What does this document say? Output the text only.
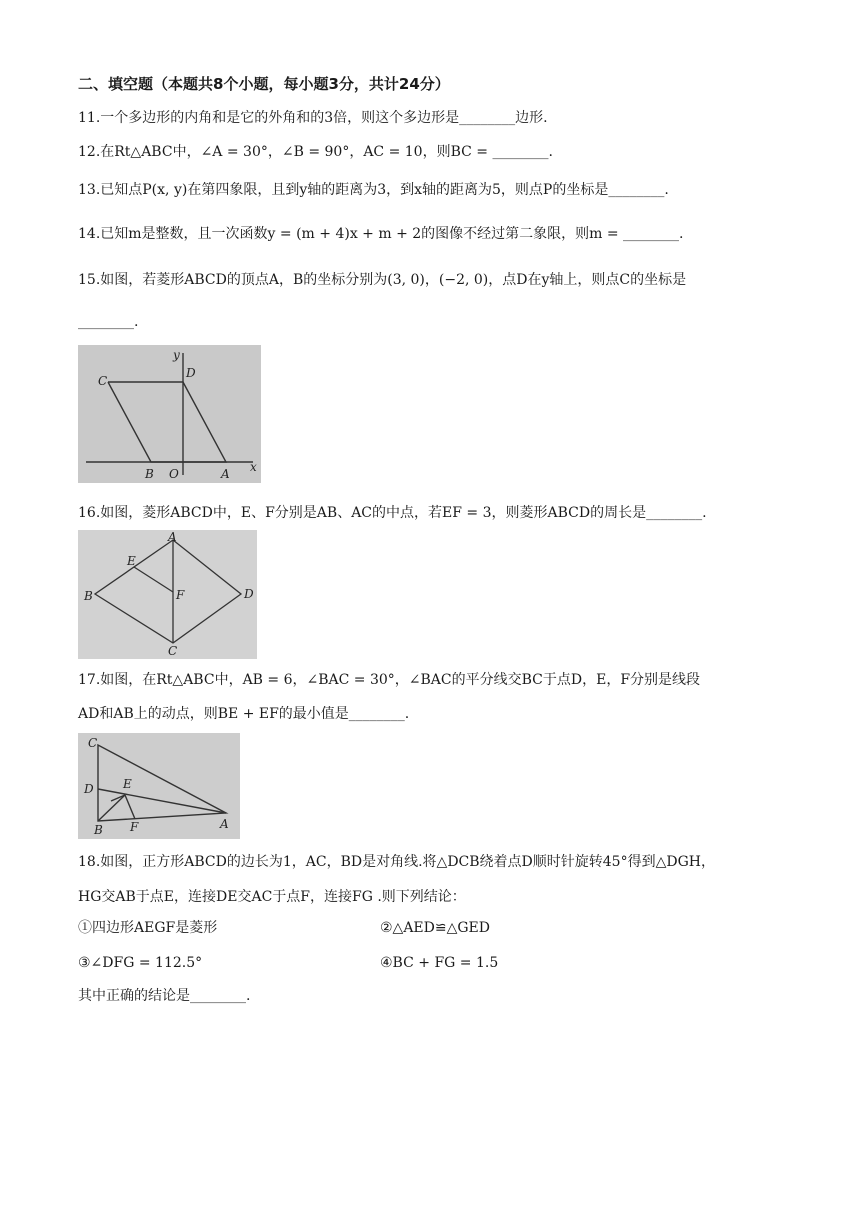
二、填空题（本题共8个小题，每小题3分，共计24分）
11.一个多边形的内角和是它的外角和的3倍，则这个多边形是________边形.
12.在Rt△ABC中，∠A = 30°，∠B = 90°，AC = 10，则BC = ________.
13.已知点P(x, y)在第四象限，且到y轴的距离为3，到x轴的距离为5，则点P的坐标是________.
14.已知m是整数，且一次函数y = (m + 4)x + m + 2的图像不经过第二象限，则m = ________.
15.如图，若菱形ABCD的顶点A，B的坐标分别为(3, 0)，(−2, 0)，点D在y轴上，则点C的坐标是
________.
C
D
B O	A x
y
16.如图，菱形ABCD中，E、F分别是AB、AC的中点，若EF = 3，则菱形ABCD的周长是________.
A
B
C
D
E
F
17.如图，在Rt△ABC中，AB = 6，∠BAC = 30°，∠BAC的平分线交BC于点D，E，F分别是线段
AD和AB上的动点，则BE + EF的最小值是________.
C
D E
B F	A
18.如图，正方形ABCD的边长为1，AC，BD是对角线.将△DCB绕着点D顺时针旋转45°得到△DGH，
HG交AB于点E，连接DE交AC于点F，连接FG .则下列结论：
①四边形AEGF是菱形	②△AED≌△GED
③∠DFG = 112.5°	④BC + FG = 1.5
其中正确的结论是________.
